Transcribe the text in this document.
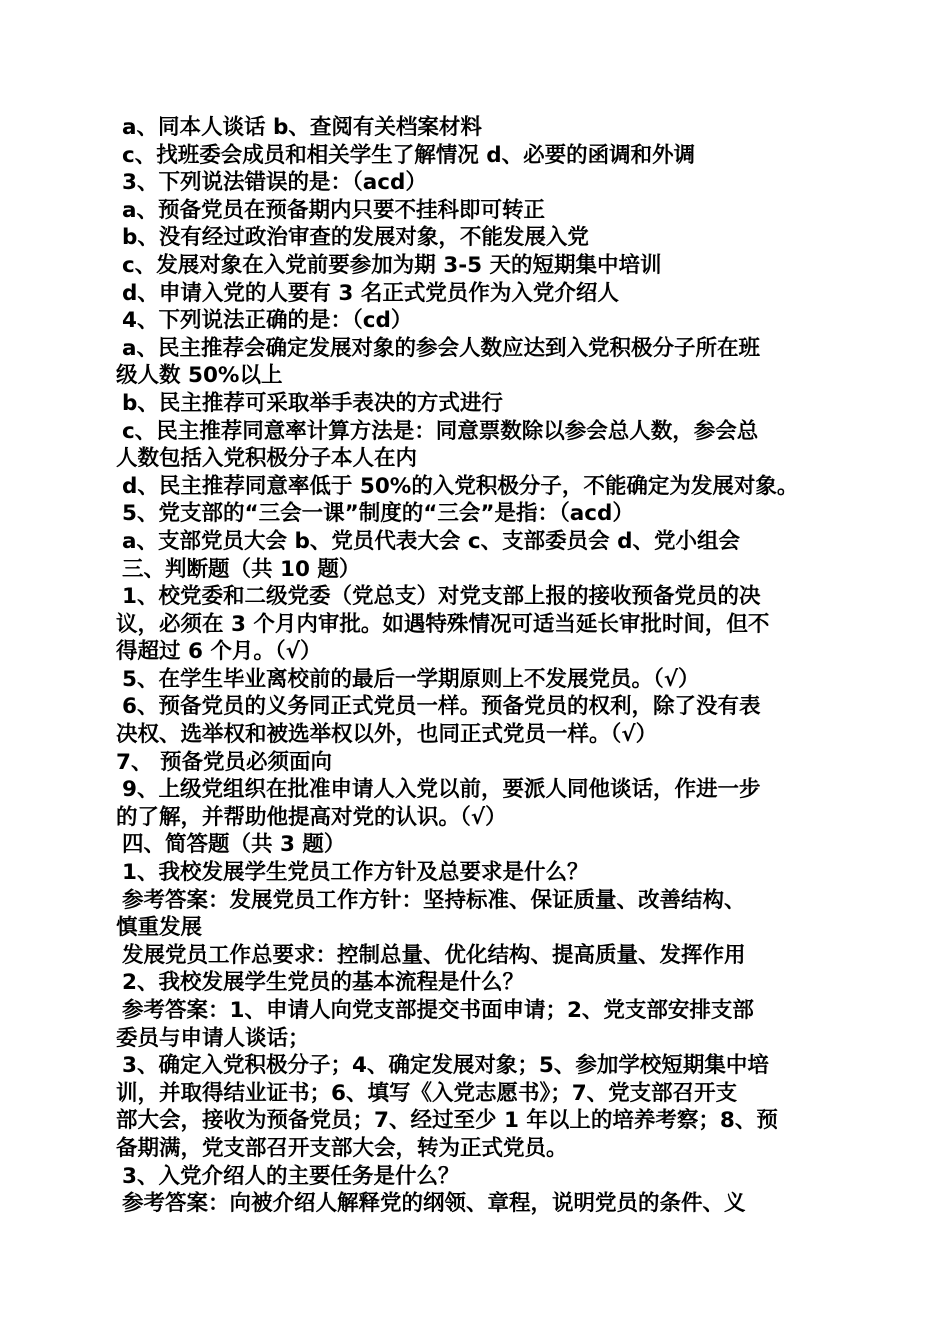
a、同本人谈话 b、查阅有关档案材料
c、找班委会成员和相关学生了解情况 d、必要的函调和外调
3、下列说法错误的是：（acd）
a、预备党员在预备期内只要不挂科即可转正
b、没有经过政治审查的发展对象，不能发展入党
c、发展对象在入党前要参加为期 3-5 天的短期集中培训
d、申请入党的人要有 3 名正式党员作为入党介绍人
4、下列说法正确的是：（cd）
a、民主推荐会确定发展对象的参会人数应达到入党积极分子所在班
级人数 50%以上
b、民主推荐可采取举手表决的方式进行
c、民主推荐同意率计算方法是：同意票数除以参会总人数，参会总
人数包括入党积极分子本人在内
d、民主推荐同意率低于 50%的入党积极分子，不能确定为发展对象。
5、党支部的“三会一课”制度的“三会”是指：（acd）
a、支部党员大会 b、党员代表大会 c、支部委员会 d、党小组会
三、判断题（共 10 题）
1、校党委和二级党委（党总支）对党支部上报的接收预备党员的决
议，必须在 3 个月内审批。如遇特殊情况可适当延长审批时间，但不
得超过 6 个月。（√）
5、在学生毕业离校前的最后一学期原则上不发展党员。（√）
6、预备党员的义务同正式党员一样。预备党员的权利，除了没有表
决权、选举权和被选举权以外，也同正式党员一样。（√）
7、 预备党员必须面向
9、上级党组织在批准申请人入党以前，要派人同他谈话，作进一步
的了解，并帮助他提高对党的认识。（√）
四、简答题（共 3 题）
1、我校发展学生党员工作方针及总要求是什么？
参考答案：发展党员工作方针：坚持标准、保证质量、改善结构、
慎重发展
发展党员工作总要求：控制总量、优化结构、提高质量、发挥作用
2、我校发展学生党员的基本流程是什么？
参考答案：1、申请人向党支部提交书面申请；2、党支部安排支部
委员与申请人谈话；
3、确定入党积极分子；4、确定发展对象；5、参加学校短期集中培
训，并取得结业证书；6、填写《入党志愿书》；7、党支部召开支
部大会，接收为预备党员；7、经过至少 1 年以上的培养考察；8、预
备期满，党支部召开支部大会，转为正式党员。
3、入党介绍人的主要任务是什么？
参考答案：向被介绍人解释党的纲领、章程，说明党员的条件、义
